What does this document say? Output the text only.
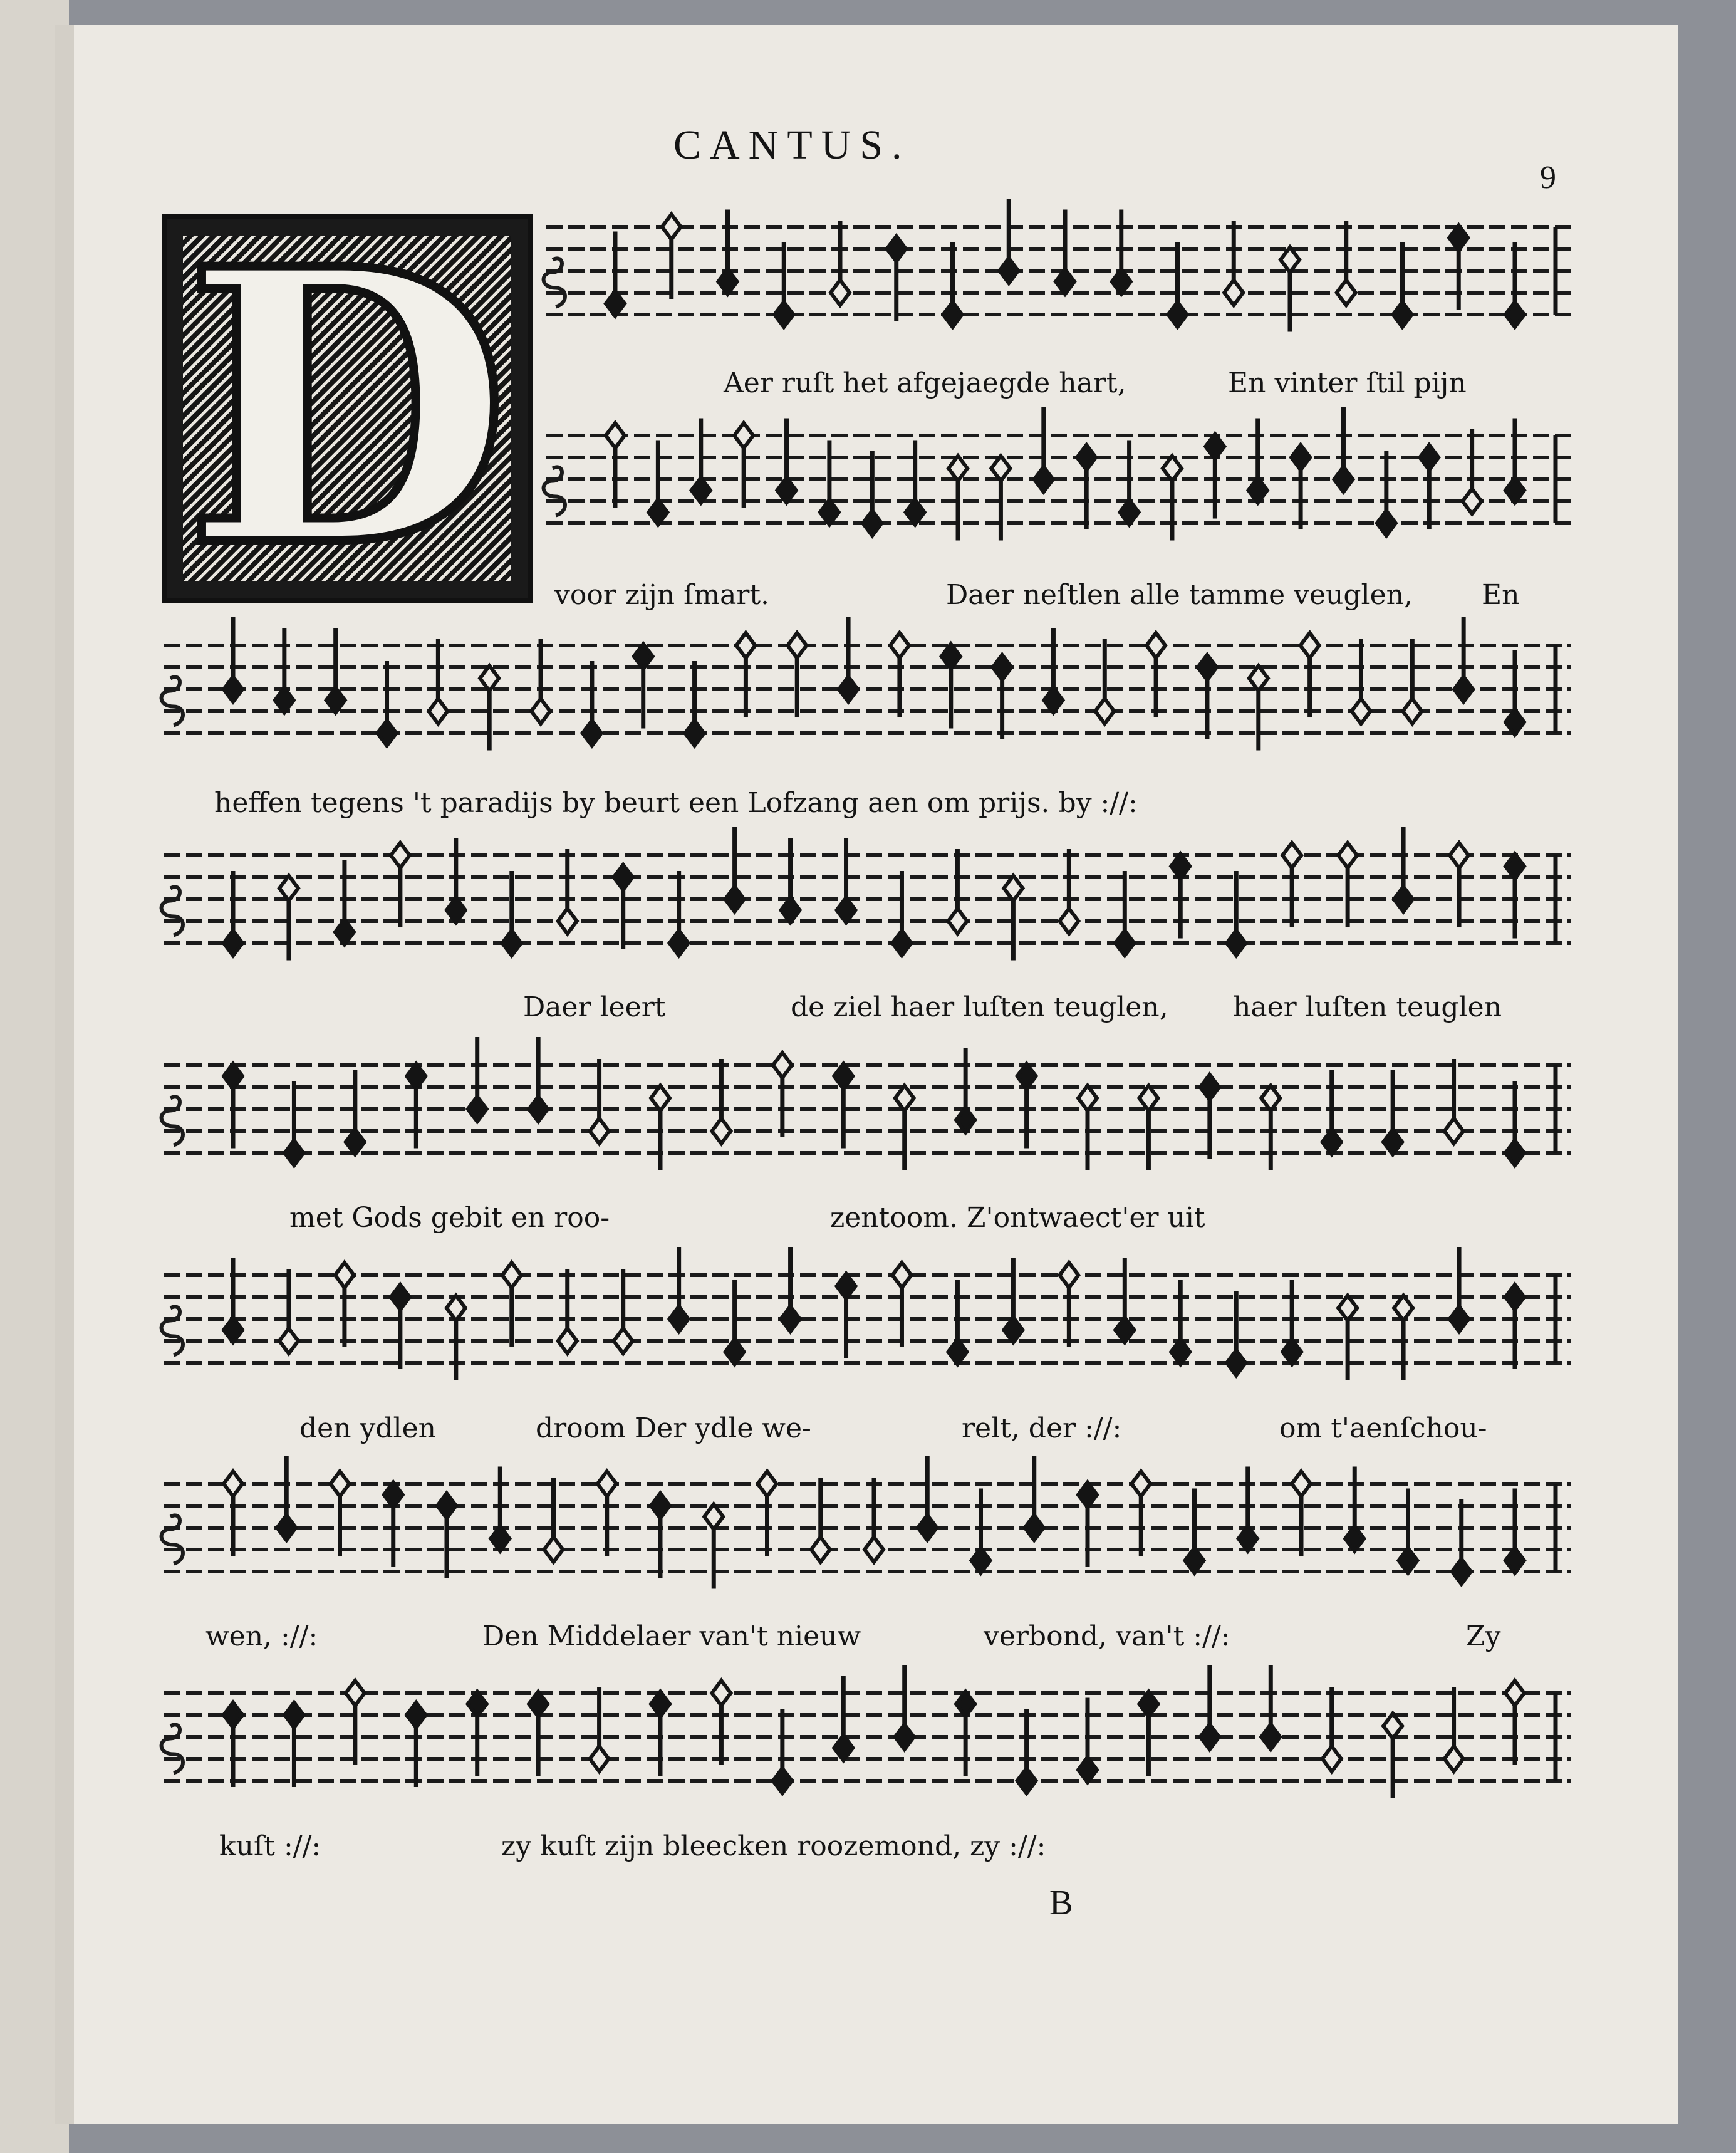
CANTUS.
9
D	Aer ruſt het afgejaegde hart,	En vinter ſtil pijn
voor zijn ſmart.	Daer neſtlen alle tamme veuglen,	En
heffen tegens 't paradijs by beurt een Lofzang aen om prijs. by ://:
Daer leert	de ziel haer luſten teuglen, haer luſten teuglen
met Gods gebit en roo-	zentoom. Z'ontwaect'er uit
den ydlen	droom Der ydle we-	relt, der ://:	om t'aenſchou-
wen, ://:	Den Middelaer van't nieuw	verbond, van't ://:	Zy
kuſt ://:	zy kuſt zijn bleecken roozemond, zy ://:
B
